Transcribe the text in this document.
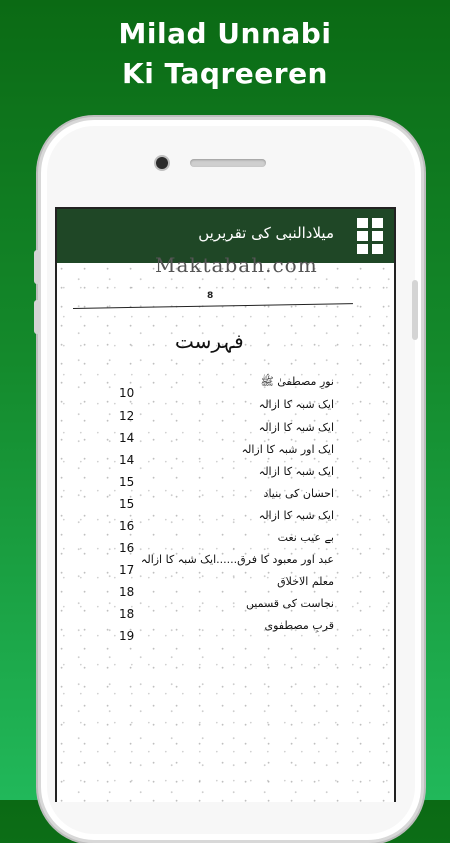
Milad Unnabi
Ki Taqreeren
میلادالنبی کی تقریریں
Maktabah.com
8
فہرست
نورِ مصطفیٰ ﷺ
10
ایک شبہ کا ازالہ
12
ایک شبہ کا ازالہ
14
ایک اور شبہ کا ازالہ
14
ایک شبہ کا ازالہ
15
احسان کی بنیاد
15
ایک شبہ کا ازالہ
16
بے عیب نعت
16
عبد اور معبود کا فرق......ایک شبہ کا ازالہ
17
معلم الاخلاق
18
نجاست کی قسمیں
18
قربِ مصطفوی
19
